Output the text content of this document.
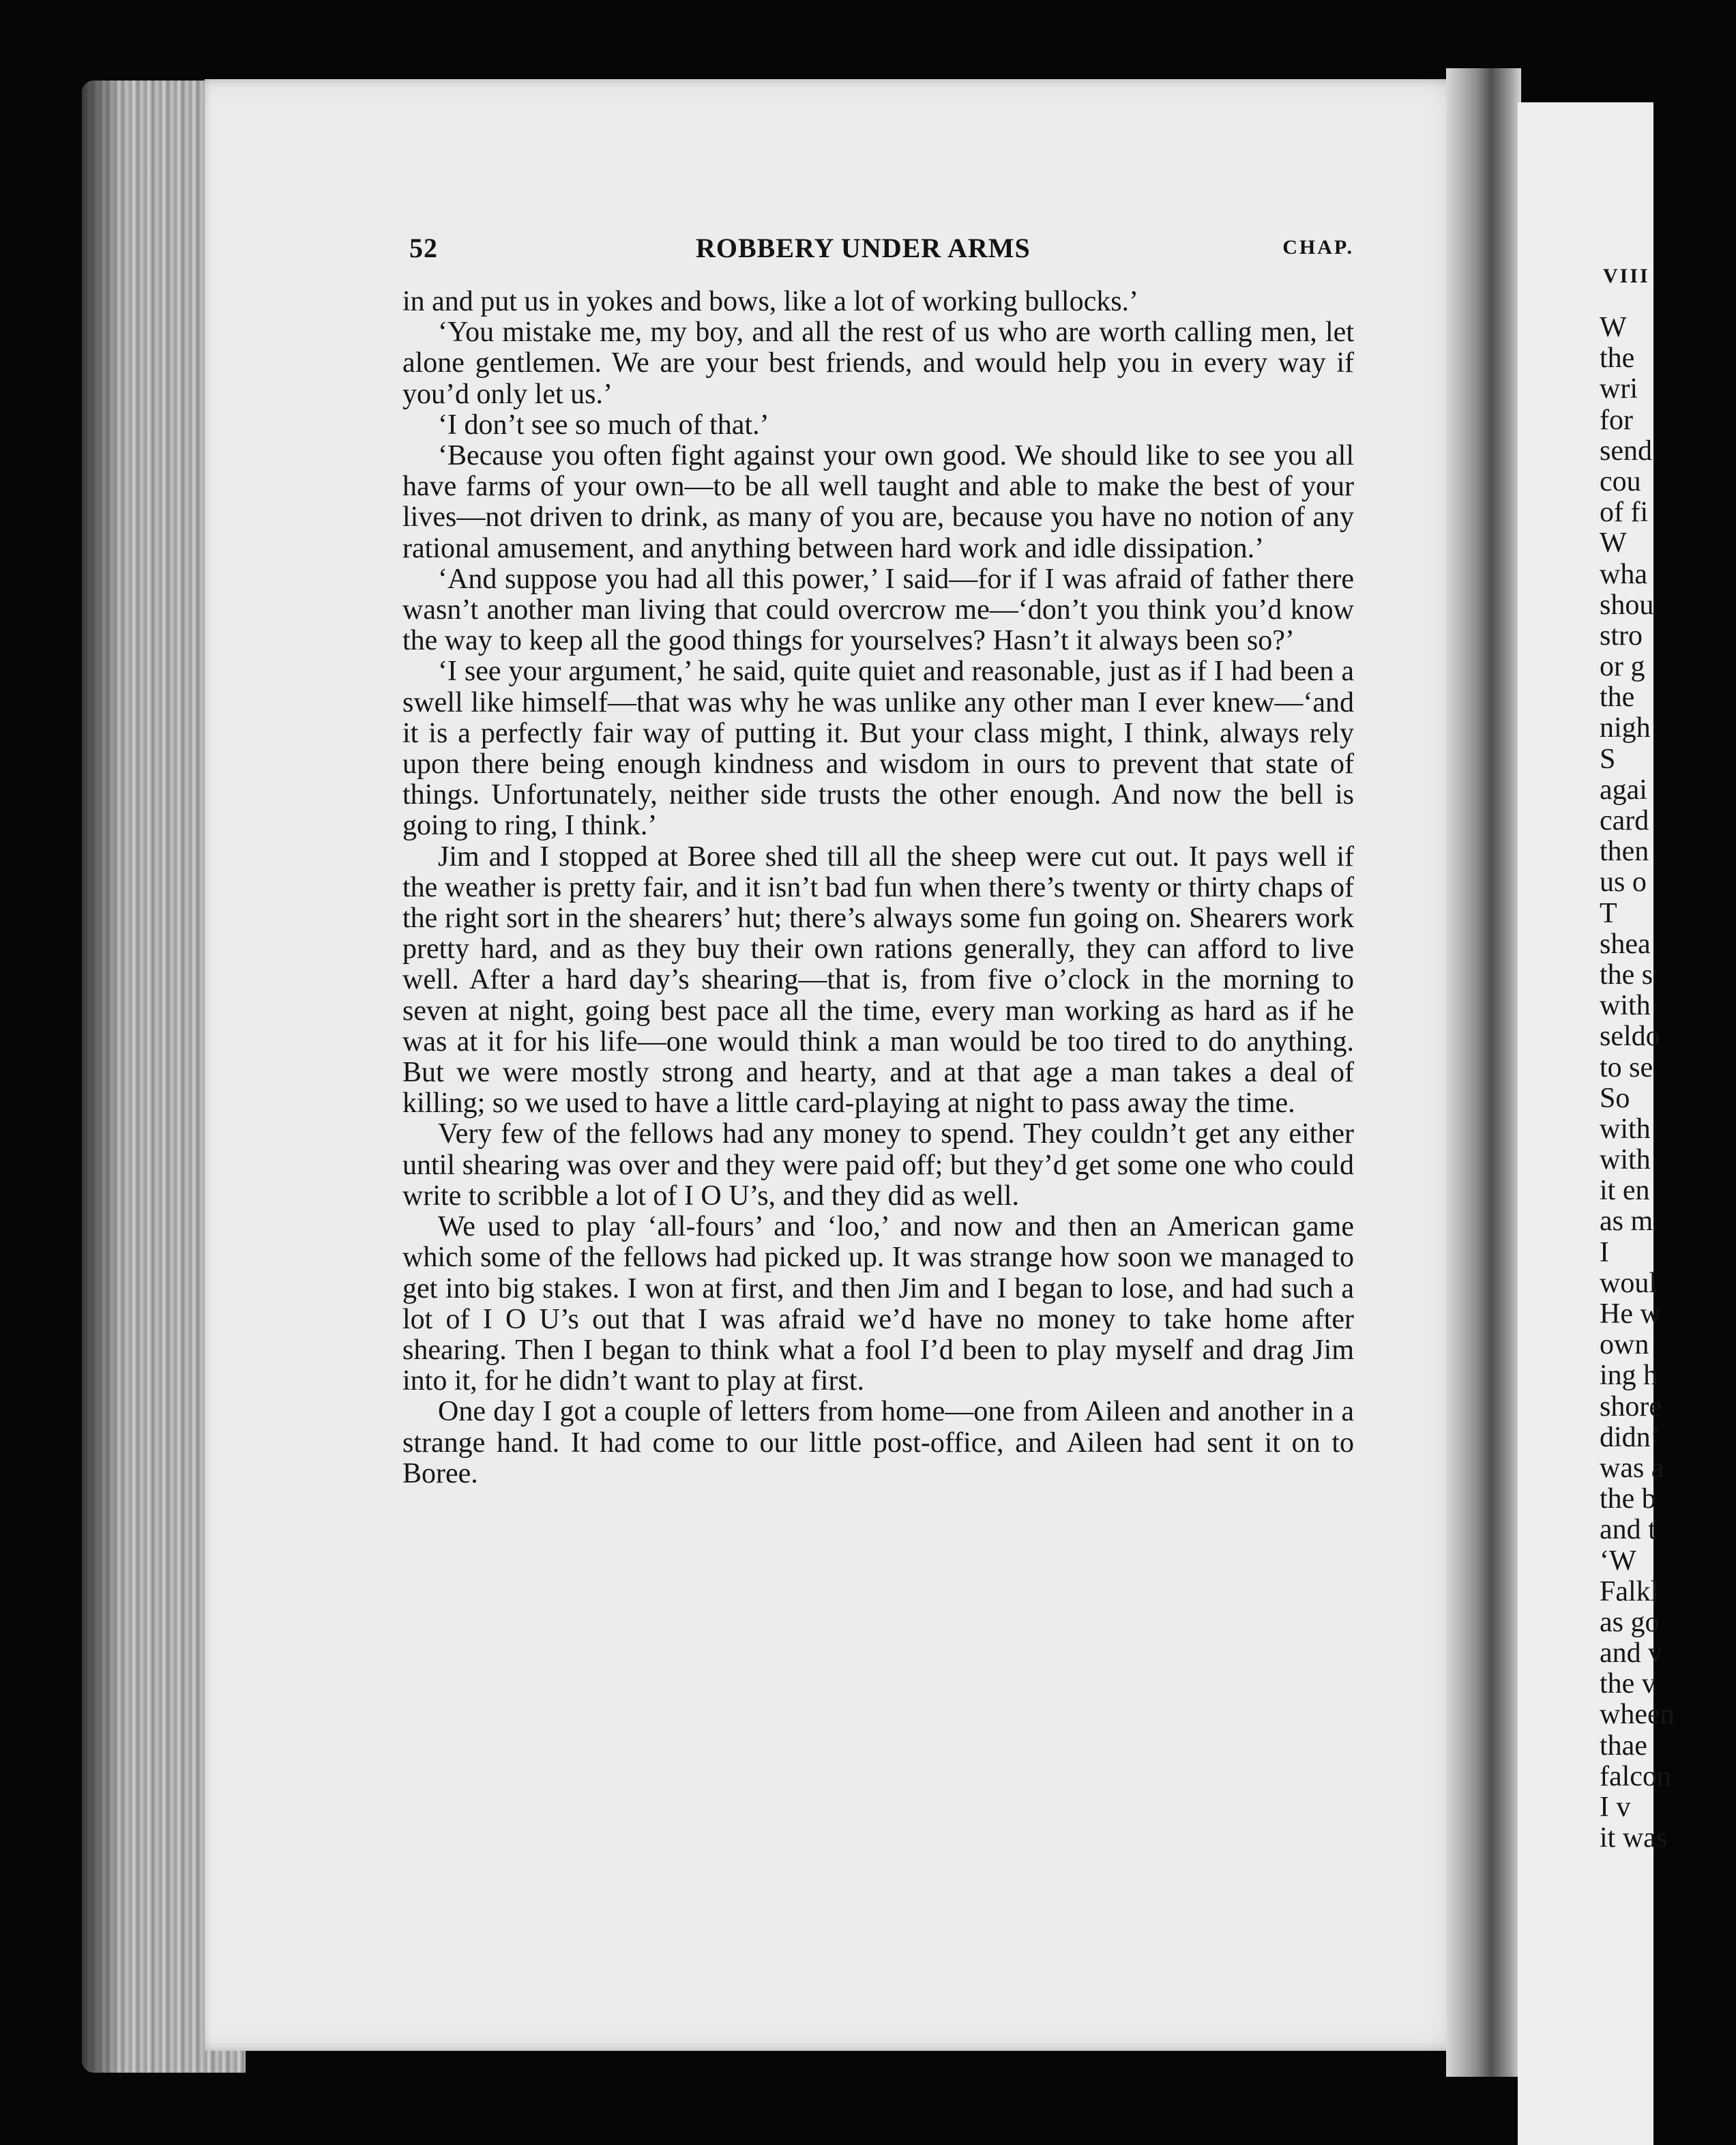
VIII
W
the
wri
for
send
cou
of fi
W
wha
shou
stro
or g
the
nigh
S
agai
card
then
us o
T
shea
the s
with
seldo
to se
So
with
with
it en
as m
I
woul
He w
own
ing h
shore
didn’
was a
the b
and t
‘W
Falkl
as go
and v
the v
wheen
thae
falcon
I v
it was
52	ROBBERY UNDER ARMS	CHAP.

in and put us in yokes and bows, like a lot of working bullocks.’

‘You mistake me, my boy, and all the rest of us who are worth calling men, let alone gentlemen. We are your best friends, and would help you in every way if you’d only let us.’

‘I don’t see so much of that.’

‘Because you often fight against your own good. We should like to see you all have farms of your own—to be all well taught and able to make the best of your lives—not driven to drink, as many of you are, because you have no notion of any rational amusement, and anything between hard work and idle dissipation.’

‘And suppose you had all this power,’ I said—for if I was afraid of father there wasn’t another man living that could overcrow me—‘don’t you think you’d know the way to keep all the good things for yourselves? Hasn’t it always been so?’

‘I see your argument,’ he said, quite quiet and reasonable, just as if I had been a swell like himself—that was why he was unlike any other man I ever knew—‘and it is a perfectly fair way of putting it. But your class might, I think, always rely upon there being enough kindness and wisdom in ours to prevent that state of things. Unfortunately, neither side trusts the other enough. And now the bell is going to ring, I think.’

Jim and I stopped at Boree shed till all the sheep were cut out. It pays well if the weather is pretty fair, and it isn’t bad fun when there’s twenty or thirty chaps of the right sort in the shearers’ hut; there’s always some fun going on. Shearers work pretty hard, and as they buy their own rations generally, they can afford to live well. After a hard day’s shearing—that is, from five o’clock in the morning to seven at night, going best pace all the time, every man working as hard as if he was at it for his life—one would think a man would be too tired to do anything. But we were mostly strong and hearty, and at that age a man takes a deal of killing; so we used to have a little card-playing at night to pass away the time.

Very few of the fellows had any money to spend. They couldn’t get any either until shearing was over and they were paid off; but they’d get some one who could write to scribble a lot of I O U’s, and they did as well.

We used to play ‘all-fours’ and ‘loo,’ and now and then an American game which some of the fellows had picked up. It was strange how soon we managed to get into big stakes. I won at first, and then Jim and I began to lose, and had such a lot of I O U’s out that I was afraid we’d have no money to take home after shearing. Then I began to think what a fool I’d been to play myself and drag Jim into it, for he didn’t want to play at first.

One day I got a couple of letters from home—one from Aileen and another in a strange hand. It had come to our little post-office, and Aileen had sent it on to Boree.
